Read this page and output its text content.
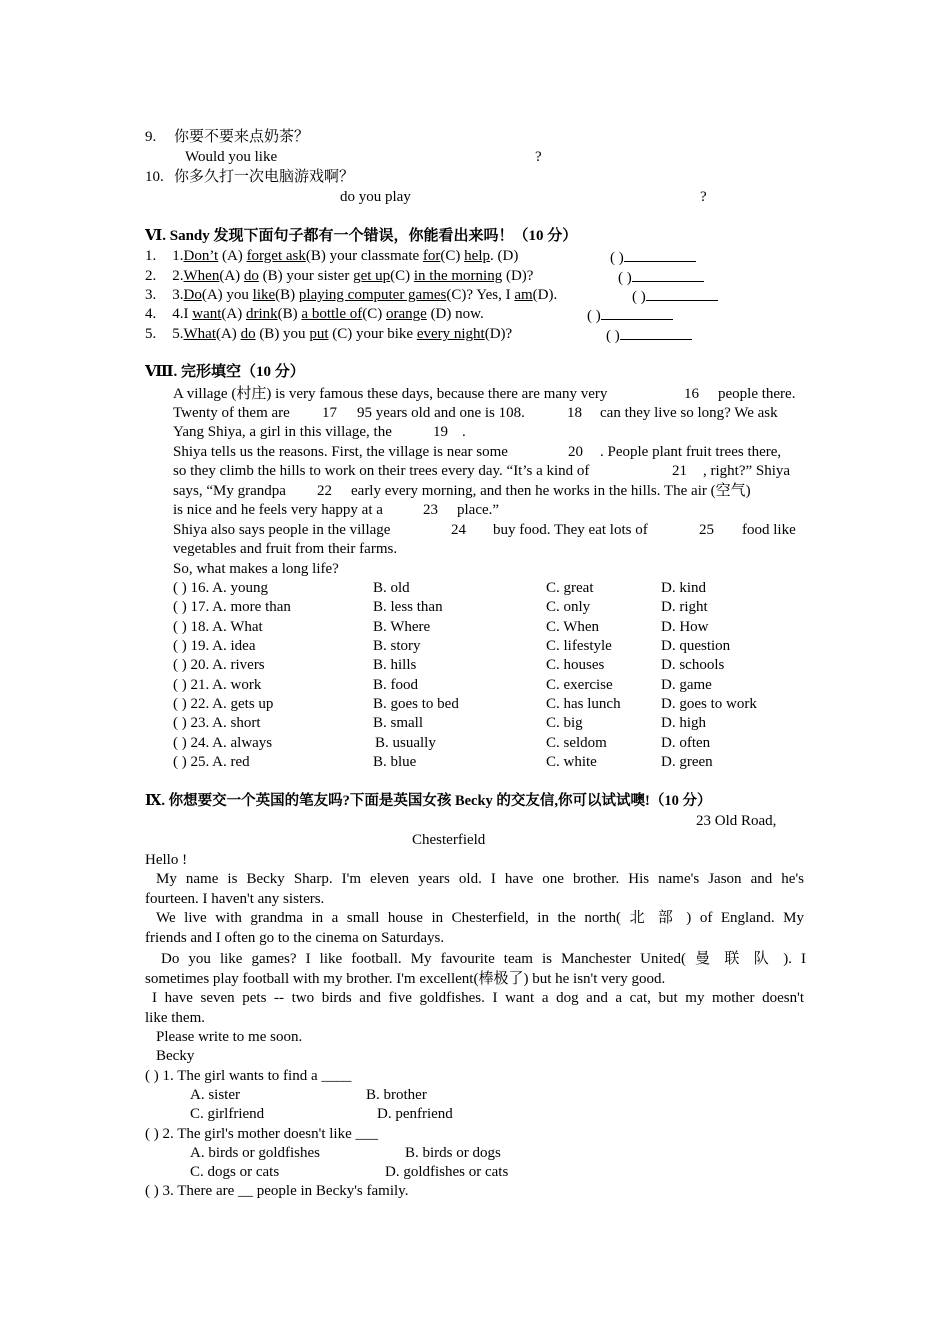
9. 你要不要来点奶茶？
Would you like	?
10. 你多久打一次电脑游戏啊？
do you play	?
Ⅵ. Sandy 发现下面句子都有一个错误，你能看出来吗！（10 分）
1. 1.Don’t (A) forget ask(B) your classmate for(C) help. (D)	( )
2. 2.When(A) do (B) your sister get up(C) in the morning (D)?	( )
3. 3.Do(A) you like(B) playing computer games(C)? Yes, I am(D).	( )
4. 4.I want(A) drink(B) a bottle of(C) orange (D) now.	( )
5. 5.What(A) do (B) you put (C) your bike every night(D)?	( )
Ⅷ. 完形填空（10 分）
A village (村庄) is very famous these days, because there are many very	16 people there.
Twenty of them are 17 95 years old and one is 108.	18 can they live so long? We ask
Yang Shiya, a girl in this village, the	19 .
Shiya tells us the reasons. First, the village is near some	20 . People plant fruit trees there,
so they climb the hills to work on their trees every day. “It’s a kind of	21 , right?” Shiya
says, “My grandpa 22 early every morning, and then he works in the hills. The air (空气)
is nice and he feels very happy at a	23 place.”
Shiya also says people in the village	24 buy food. They eat lots of	25 food like
vegetables and fruit from their farms.
So, what makes a long life?
( ) 16. A. young	B. old	C. great	D. kind
( ) 17. A. more than	B. less than	C. only	D. right
( ) 18. A. What	B. Where	C. When	D. How
( ) 19. A. idea	B. story	C. lifestyle	D. question
( ) 20. A. rivers	B. hills	C. houses	D. schools
( ) 21. A. work	B. food	C. exercise	D. game
( ) 22. A. gets up	B. goes to bed	C. has lunch	D. goes to work
( ) 23. A. short	B. small	C. big	D. high
( ) 24. A. always	B. usually	C. seldom	D. often
( ) 25. A. red	B. blue	C. white	D. green
Ⅸ. 你想要交一个英国的笔友吗?下面是英国女孩 Becky 的交友信,你可以试试噢!（10 分）
23 Old Road,
Chesterfield
Hello !
My name is Becky Sharp. I'm eleven years old. I have one brother. His name's Jason and he's
fourteen. I haven't any sisters.
We live with grandma in a small house in Chesterfield, in the north( 北 部 ) of England. My
friends and I often go to the cinema on Saturdays.
Do you like games? I like football. My favourite team is Manchester United( 曼 联 队 ). I
sometimes play football with my brother. I'm excellent(棒极了) but he isn't very good.
I have seven pets -- two birds and five goldfishes. I want a dog and a cat, but my mother doesn't
like them.
Please write to me soon.
Becky
( ) 1. The girl wants to find a ____
A. sister	B. brother
C. girlfriend	D. penfriend
( ) 2. The girl's mother doesn't like ___
A. birds or goldfishes	B. birds or dogs
C. dogs or cats	D. goldfishes or cats
( ) 3. There are __ people in Becky's family.
